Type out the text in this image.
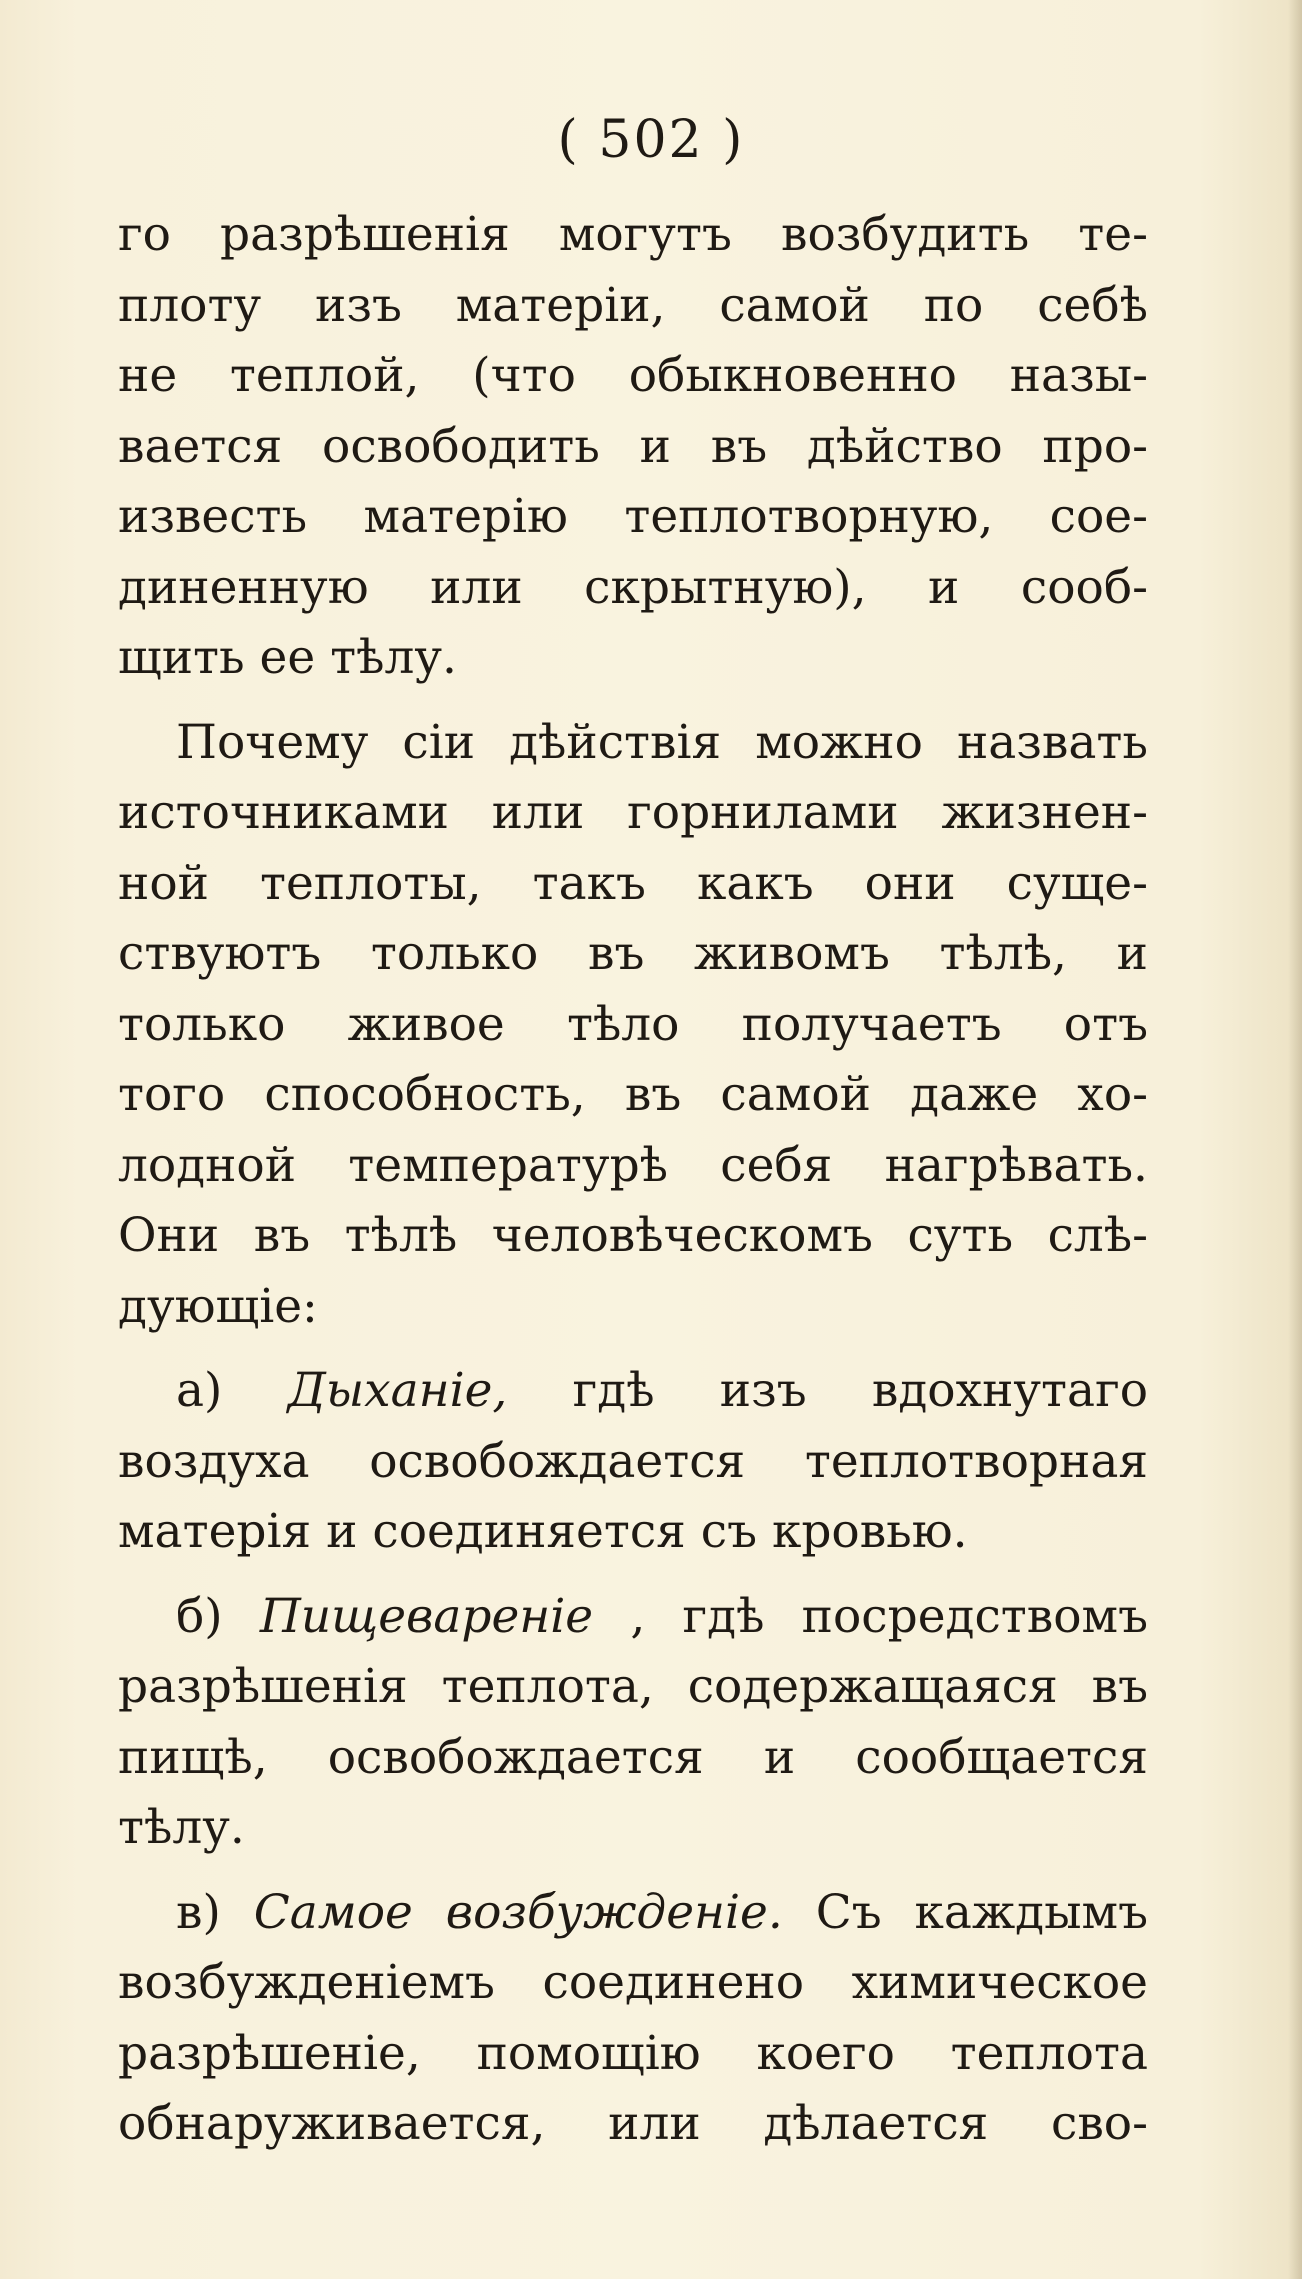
( 502 )
го разрѣшенія могутъ возбудить те-
плоту изъ матеріи, самой по себѣ
не теплой, (что обыкновенно назы-
вается освободить и въ дѣйство про-
известь матерію теплотворную, сое-
диненную или скрытную), и сооб-
щить ее тѣлу.
Почему сіи дѣйствія можно назвать
источниками или горнилами жизнен-
ной теплоты, такъ какъ они суще-
ствуютъ только въ живомъ тѣлѣ, и
только живое тѣло получаетъ отъ
того способность, въ самой даже хо-
лодной температурѣ себя нагрѣвать.
Они въ тѣлѣ человѣческомъ суть слѣ-
дующіе:
а) Дыханіе, гдѣ изъ вдохнутаго
воздуха освобождается теплотворная
матерія и соединяется съ кровью.
б) Пищевареніе , гдѣ посредствомъ
разрѣшенія теплота, содержащаяся въ
пищѣ, освобождается и сообщается
тѣлу.
в) Самое возбужденіе. Съ каждымъ
возбужденіемъ соединено химическое
разрѣшеніе, помощію коего теплота
обнаруживается, или дѣлается сво-
